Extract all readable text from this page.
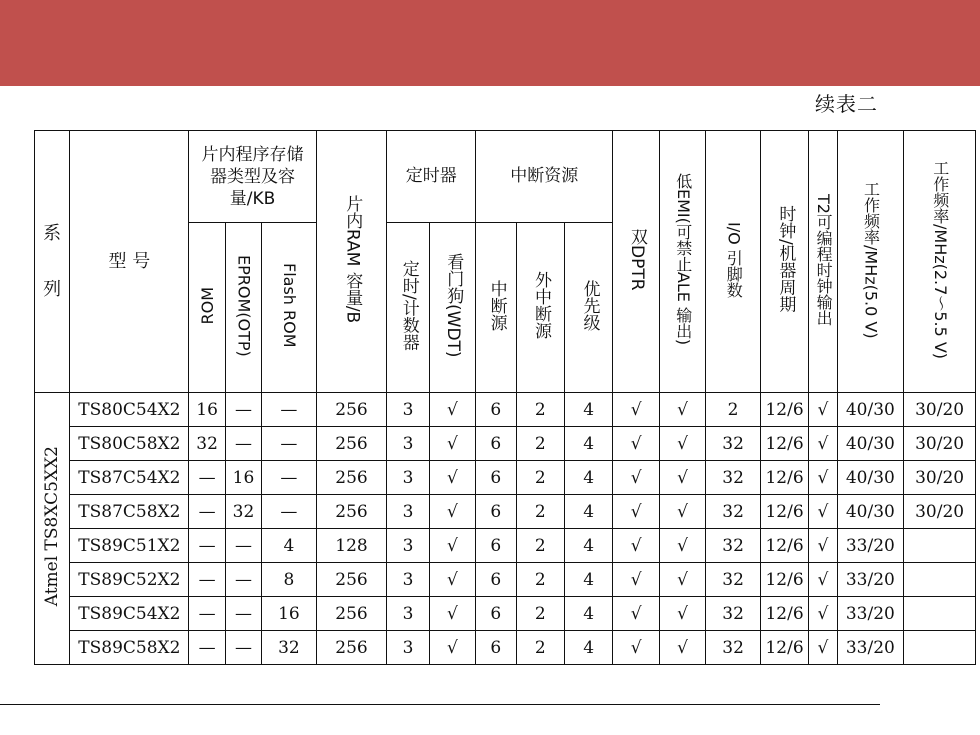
续表二
系
列	型 号	片内程序存储器类型及容量/KB			片内RAM 容量/B	定时器		中断资源			双DPTR	低EMI(可禁止ALE 输出)	I/O 引脚数	时钟/机器周期	T2可编程时钟输出	工作频率/MHz(5.0 V)	工作频率/MHz(2.7～5.5 V)
		ROM	EPROM(OTP)	Flash ROM		定时/计数器	看门狗(WDT)	中断源	外中断源	优先级							
Atmel TS8XC5XX2	TS80C54X2	16	—	—	256	3	√	6	2	4	√	√	2	12/6	√	40/30	30/20
	TS80C58X2	32	—	—	256	3	√	6	2	4	√	√	32	12/6	√	40/30	30/20
	TS87C54X2	—	16	—	256	3	√	6	2	4	√	√	32	12/6	√	40/30	30/20
	TS87C58X2	—	32	—	256	3	√	6	2	4	√	√	32	12/6	√	40/30	30/20
	TS89C51X2	—	—	4	128	3	√	6	2	4	√	√	32	12/6	√	33/20	
	TS89C52X2	—	—	8	256	3	√	6	2	4	√	√	32	12/6	√	33/20	
	TS89C54X2	—	—	16	256	3	√	6	2	4	√	√	32	12/6	√	33/20	
	TS89C58X2	—	—	32	256	3	√	6	2	4	√	√	32	12/6	√	33/20	
